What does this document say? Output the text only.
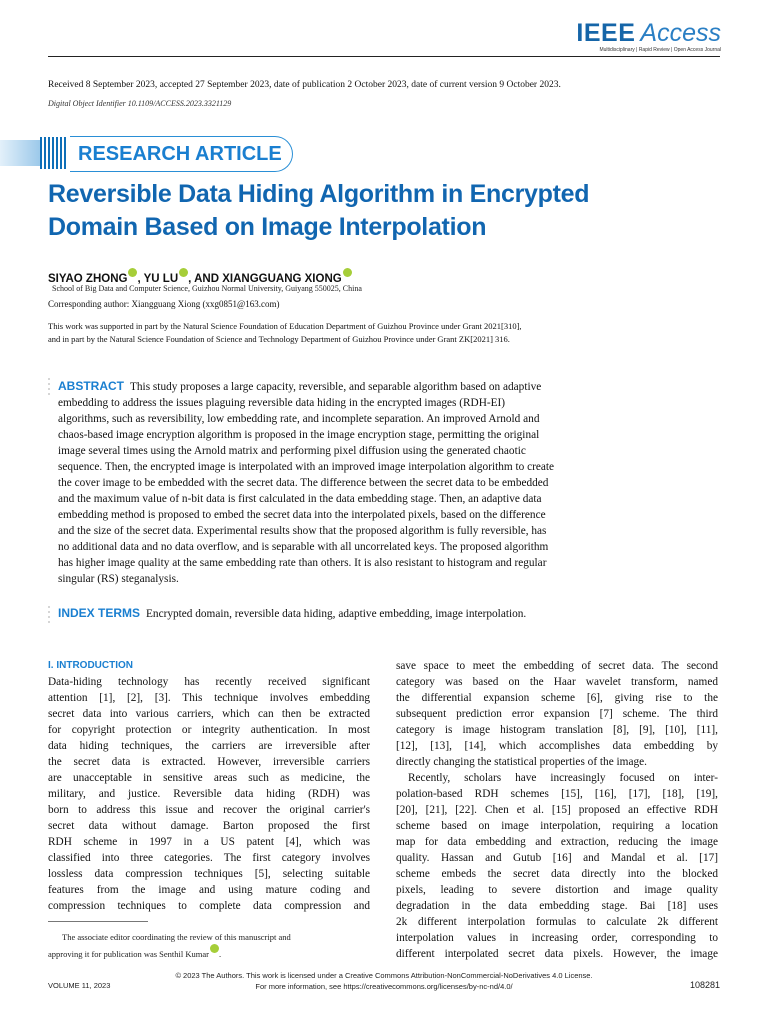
IEEE Access
Multidisciplinary | Rapid Review | Open Access Journal
Received 8 September 2023, accepted 27 September 2023, date of publication 2 October 2023, date of current version 9 October 2023.
Digital Object Identifier 10.1109/ACCESS.2023.3321129
RESEARCH ARTICLE
Reversible Data Hiding Algorithm in Encrypted
Domain Based on Image Interpolation
SIYAO ZHONG , YU LU , AND XIANGGUANG XIONG
School of Big Data and Computer Science, Guizhou Normal University, Guiyang 550025, China
Corresponding author: Xiangguang Xiong (xxg0851@163.com)
This work was supported in part by the Natural Science Foundation of Education Department of Guizhou Province under Grant 2021[310],
and in part by the Natural Science Foundation of Science and Technology Department of Guizhou Province under Grant ZK[2021] 316.
ABSTRACT This study proposes a large capacity, reversible, and separable algorithm based on adaptive
embedding to address the issues plaguing reversible data hiding in the encrypted images (RDH-EI)
algorithms, such as reversibility, low embedding rate, and incomplete separation. An improved Arnold and
chaos-based image encryption algorithm is proposed in the image encryption stage, permitting the original
image several times using the Arnold matrix and performing pixel diffusion using the generated chaotic
sequence. Then, the encrypted image is interpolated with an improved image interpolation algorithm to create
the cover image to be embedded with the secret data. The difference between the secret data to be embedded
and the maximum value of n-bit data is first calculated in the data embedding stage. Then, an adaptive data
embedding method is proposed to embed the secret data into the interpolated pixels, based on the difference
and the size of the secret data. Experimental results show that the proposed algorithm is fully reversible, has
no additional data and no data overflow, and is separable with all uncorrelated keys. The proposed algorithm
has higher image quality at the same embedding rate than others. It is also resistant to histogram and regular
singular (RS) steganalysis.
INDEX TERMS Encrypted domain, reversible data hiding, adaptive embedding, image interpolation.
I. INTRODUCTION
Data-hiding technology has recently received significant
attention [1], [2], [3]. This technique involves embedding
secret data into various carriers, which can then be extracted
for copyright protection or integrity authentication. In most
data hiding techniques, the carriers are irreversible after
the secret data is extracted. However, irreversible carriers
are unacceptable in sensitive areas such as medicine, the
military, and justice. Reversible data hiding (RDH) was
born to address this issue and recover the original carrier's
secret data without damage. Barton proposed the first
RDH scheme in 1997 in a US patent [4], which was
classified into three categories. The first category involves
lossless data compression techniques [5], selecting suitable
features from the image and using mature coding and
compression techniques to complete data compression and
save space to meet the embedding of secret data. The second
category was based on the Haar wavelet transform, named
the differential expansion scheme [6], giving rise to the
subsequent prediction error expansion [7] scheme. The third
category is image histogram translation [8], [9], [10], [11],
[12], [13], [14], which accomplishes data embedding by
directly changing the statistical properties of the image.
Recently, scholars have increasingly focused on inter-
polation-based RDH schemes [15], [16], [17], [18], [19],
[20], [21], [22]. Chen et al. [15] proposed an effective RDH
scheme based on image interpolation, requiring a location
map for data embedding and extraction, reducing the image
quality. Hassan and Gutub [16] and Mandal et al. [17]
scheme embeds the secret data directly into the blocked
pixels, leading to severe distortion and image quality
degradation in the data embedding stage. Bai [18] uses
2k different interpolation formulas to calculate 2k different
interpolation values in increasing order, corresponding to
different interpolated secret data pixels. However, the image
The associate editor coordinating the review of this manuscript and
approving it for publication was Senthil Kumar .
© 2023 The Authors. This work is licensed under a Creative Commons Attribution-NonCommercial-NoDerivatives 4.0 License.
For more information, see https://creativecommons.org/licenses/by-nc-nd/4.0/
VOLUME 11, 2023	108281
